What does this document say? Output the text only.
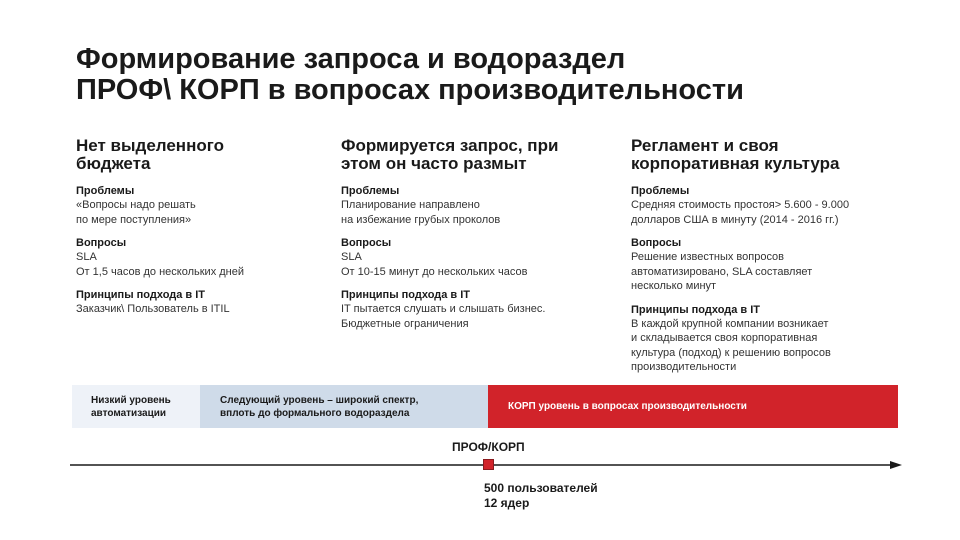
Формирование запроса и водораздел
ПРОФ\ КОРП в вопросах производительности
Нет выделенного
бюджета
Проблемы
«Вопросы надо решать
по мере поступления»
Вопросы
SLA
От 1,5 часов до нескольких дней
Принципы подхода в IT
Заказчик\ Пользователь в ITIL
Формируется запрос, при
этом он часто размыт
Проблемы
Планирование направлено
на избежание грубых проколов
Вопросы
SLA
От 10-15 минут до нескольких часов
Принципы подхода в IT
IT пытается слушать и слышать бизнес.
Бюджетные ограничения
Регламент и своя
корпоративная культура
Проблемы
Средняя стоимость простоя> 5.600 - 9.000
долларов США в минуту (2014 - 2016 гг.)
Вопросы
Решение известных вопросов
автоматизировано, SLA составляет
несколько минут
Принципы подхода в IT
В каждой крупной компании возникает
и складывается своя корпоративная
культура (подход) к решению вопросов
производительности
Низкий уровень
автоматизации
Следующий уровень – широкий спектр,
вплоть до формального водораздела
КОРП уровень в вопросах производительности
ПРОФ/КОРП
500 пользователей
12 ядер
